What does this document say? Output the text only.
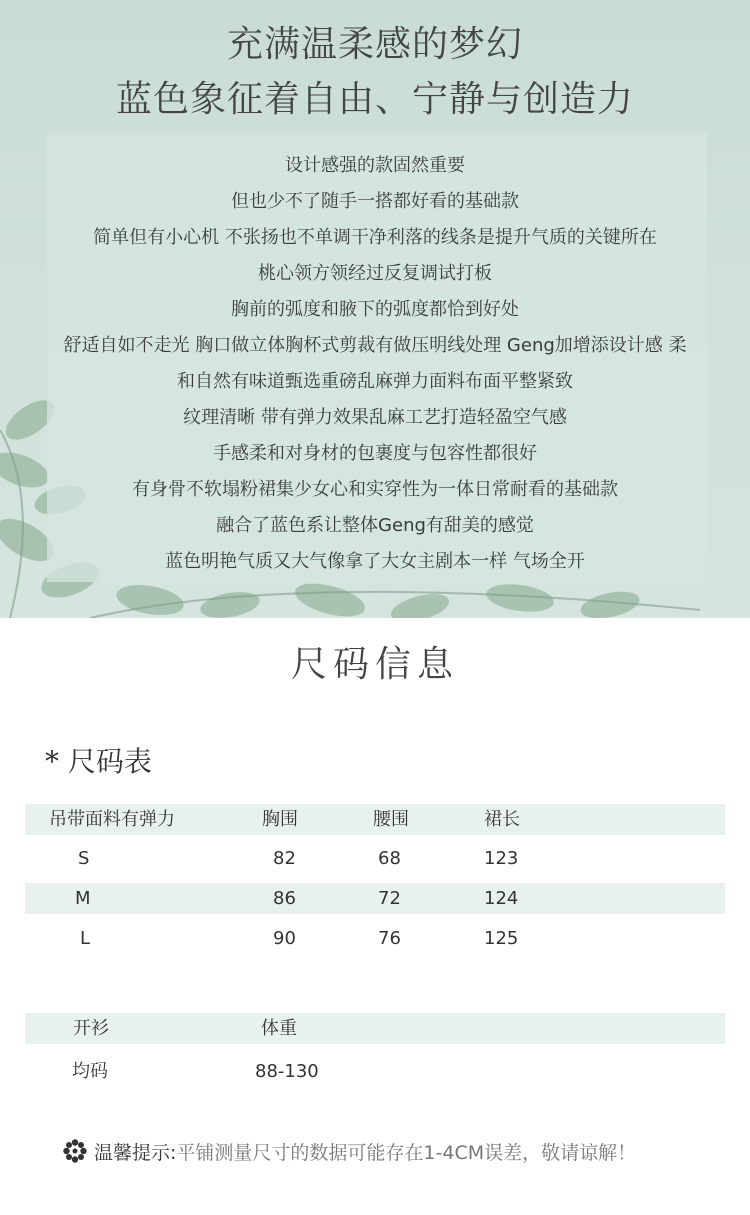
充满温柔感的梦幻
蓝色象征着自由、宁静与创造力
设计感强的款固然重要
但也少不了随手一搭都好看的基础款
简单但有小心机 不张扬也不单调干净利落的线条是提升气质的关键所在
桃心领方领经过反复调试打板
胸前的弧度和腋下的弧度都恰到好处
舒适自如不走光 胸口做立体胸杯式剪裁有做压明线处理 Geng加增添设计感 柔
和自然有味道甄选重磅乱麻弹力面料布面平整紧致
纹理清晰 带有弹力效果乱麻工艺打造轻盈空气感
手感柔和对身材的包裹度与包容性都很好
有身骨不软塌粉裙集少女心和实穿性为一体日常耐看的基础款
融合了蓝色系让整体Geng有甜美的感觉
蓝色明艳气质又大气像拿了大女主剧本一样 气场全开
尺码信息
* 尺码表
吊带面料有弹力	胸围	腰围	裙长
S	82	68	123
M	86	72	124
L	90	76	125
开衫	体重
均码	88-130
温馨提示: 平铺测量尺寸的数据可能存在1-4CM误差，敬请谅解！
